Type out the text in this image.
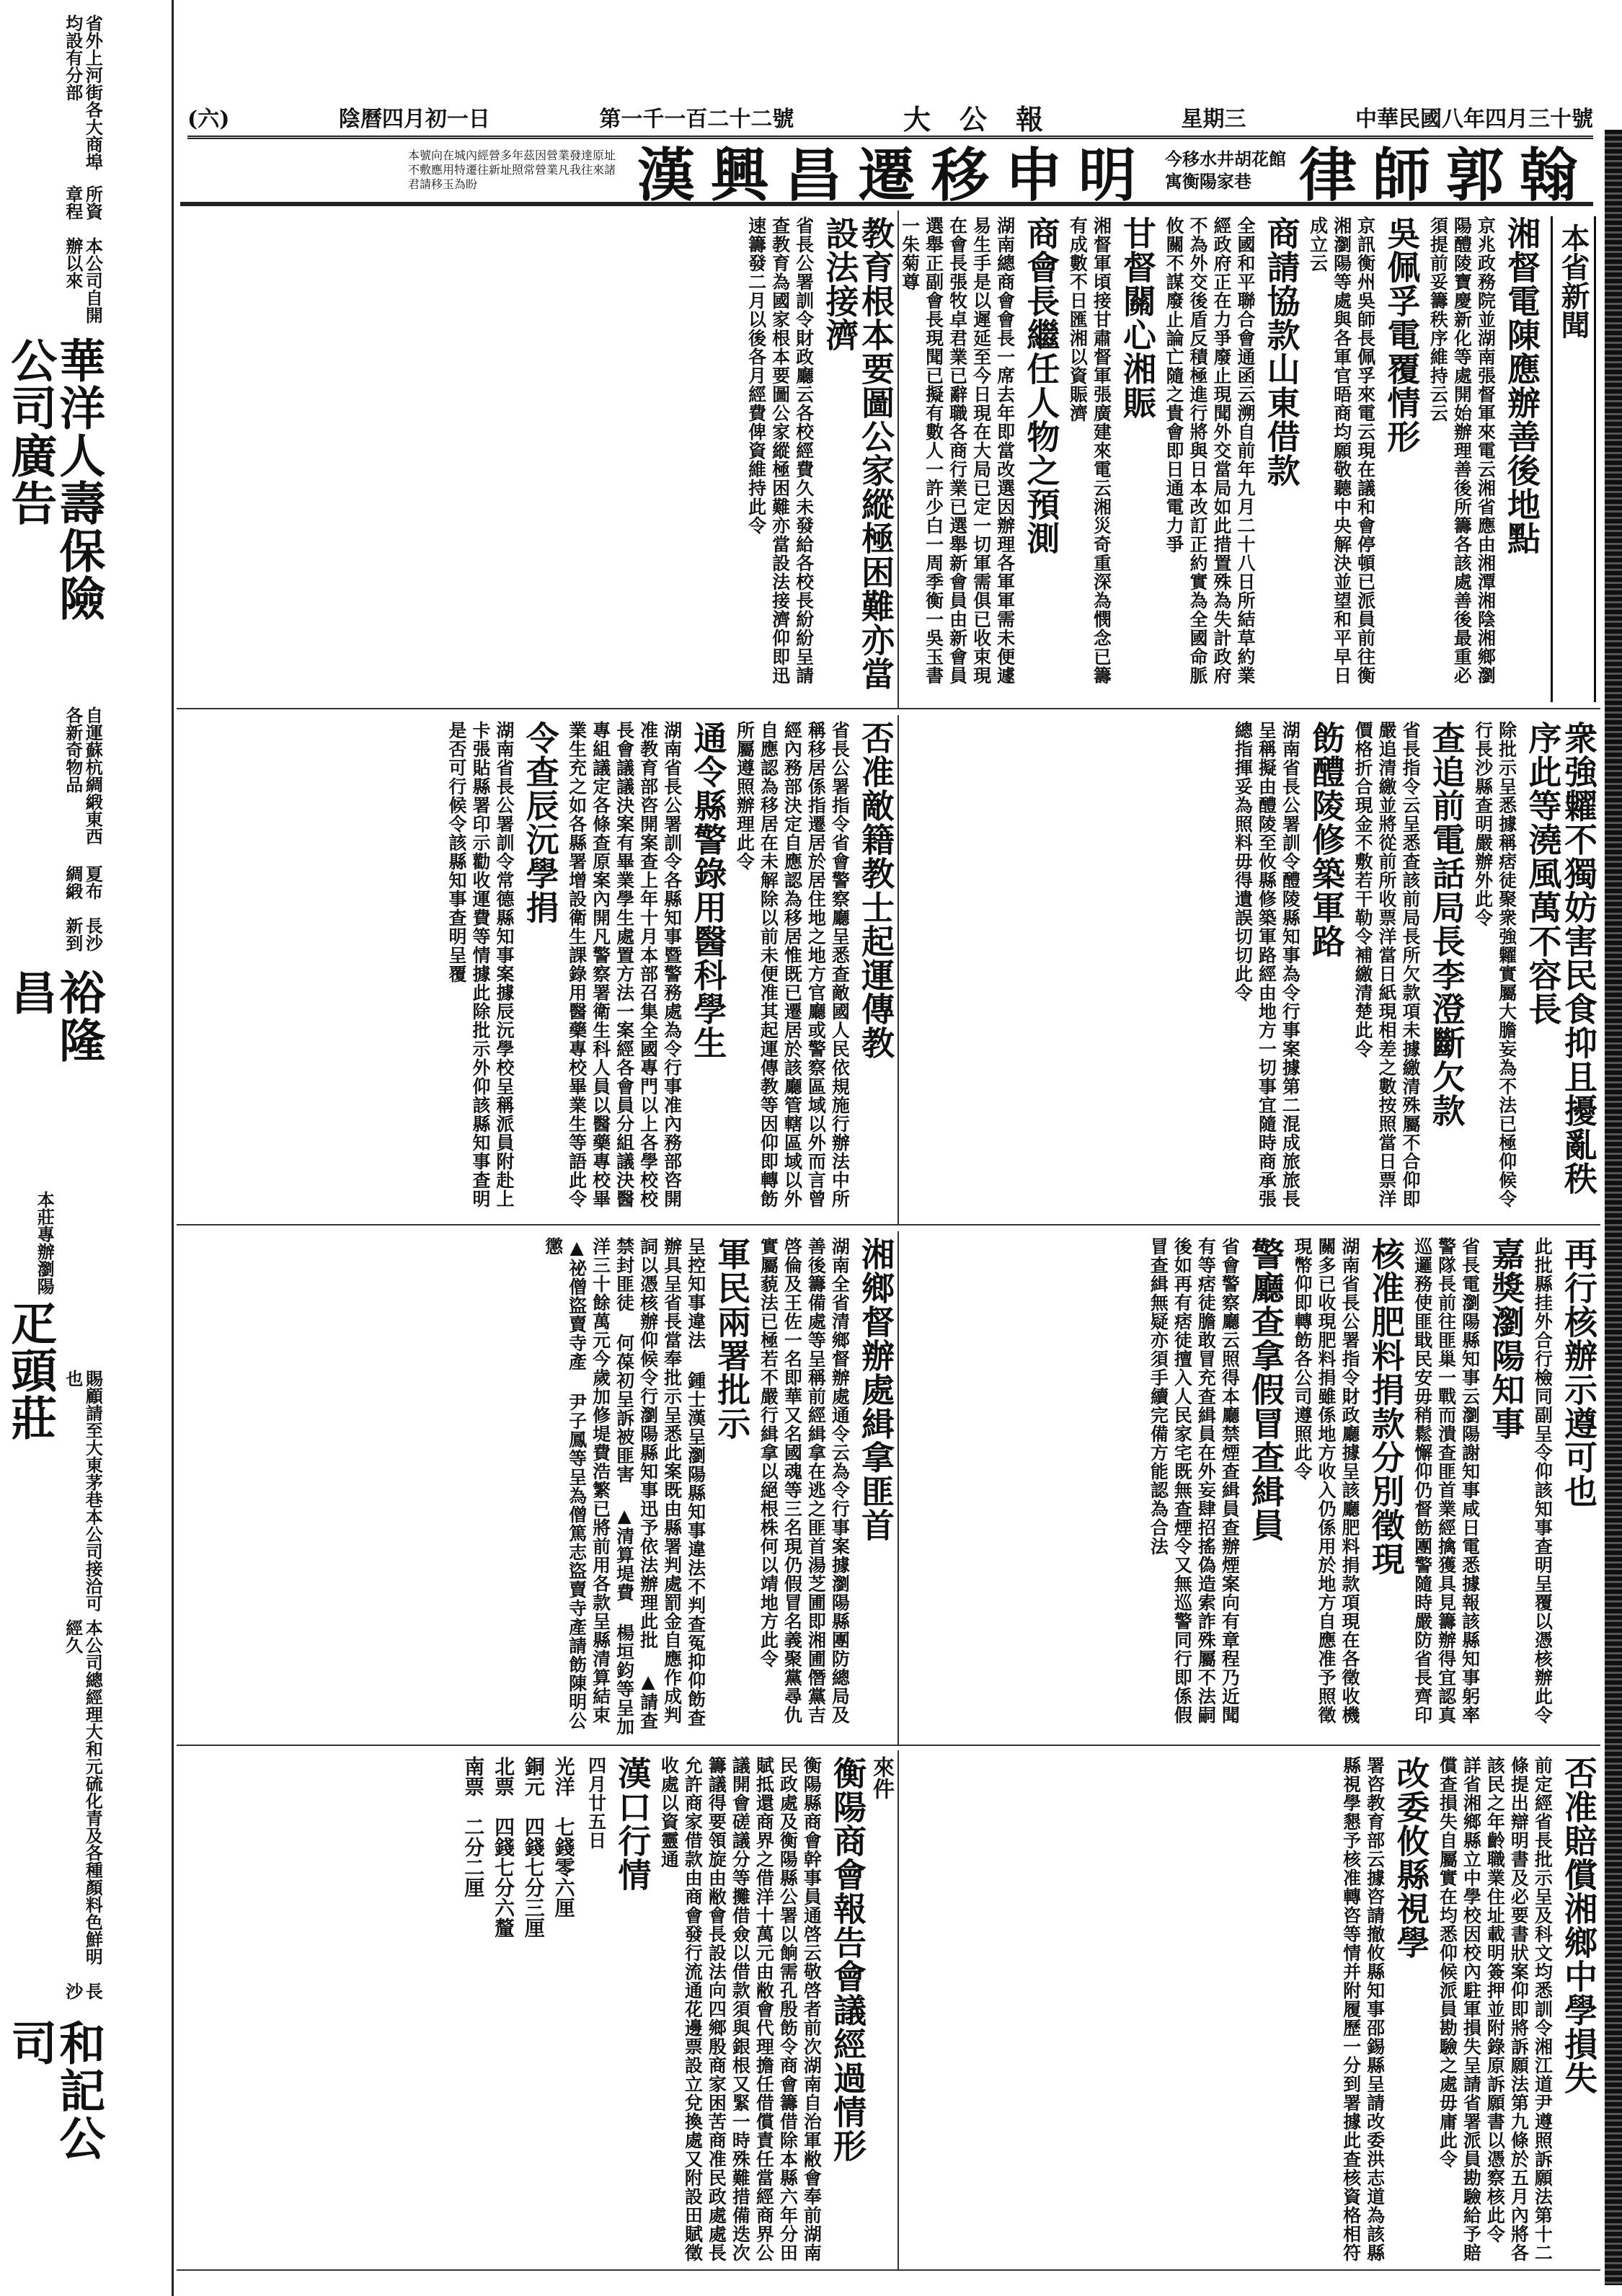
華洋人壽保險公司廣告
本公司自開辦以來
所資章程
省外上河街各大商埠均設有分部
裕隆昌
長沙新到
夏布綢緞
自運蘇杭綢緞東西各新奇物品
疋頭莊
本莊專辦瀏陽
和記公司
長沙
本公司總經理大和元硫化青及各種顏料色鮮明經久
賜顧請至大東茅巷本公司接洽可也
中華民國八年四月三十號
星期三
大公報
第一千一百二十二號
陰曆四月初一日
(六)
律師郭翰
今移水井胡花館
寓衡陽家巷
漢興昌遷移申明
本號向在城內經營多年茲因營業發達原址不敷應用特遷往新址照常營業凡我往來諸君請移玉為盼
本省新聞
湘督電陳應辦善後地點
京兆政務院並湖南張督軍來電云湘省應由湘潭湘陰湘鄉瀏陽醴陵寶慶新化等處開始辦理善後所籌各該處善後最重必須提前妥籌秩序維持云云
吳佩孚電覆情形
京訊衡州吳師長佩孚來電云現在議和會停頓已派員前往衡湘瀏陽等處與各軍官晤商均願敬聽中央解決並望和平早日成立云
商請協款山東借款
全國和平聯合會通函云溯自前年九月二十八日所結草約業經政府正在力爭廢止現聞外交當局如此措置殊為失計政府不為外交後盾反積極進行將與日本改訂正約實為全國命脈攸關不謀廢止論亡隨之貴會即日通電力爭
甘督關心湘賑
湘督軍頃接甘肅督軍張廣建來電云湘災奇重深為憫念已籌有成數不日匯湘以資賑濟
商會長繼任人物之預測
湖南總商會會長一席去年即當改選因辦理各軍軍需未便遽易生手是以遲延至今日現在大局已定一切軍需俱已收束現在會長張牧卓君業已辭職各商行業已選舉新會員由新會員選舉正副會長現聞已擬有數人一許少白一周季衡一吳玉書一朱菊尊
教育根本要圖公家縱極困難亦當設法接濟
省長公署訓令財政廳云各校經費久未發給各校長紛紛呈請查教育為國家根本要圖公家縱極困難亦當設法接濟仰即迅速籌發二月以後各月經費俾資維持此令
衆強糶不獨妨害民食抑且擾亂秩序此等澆風萬不容長
除批示呈悉據稱痞徒聚衆強糶實屬大膽妄為不法已極仰候令行長沙縣查明嚴辦外此令
查追前電話局長李澄斷欠款
省長指令云呈悉查該前局長所欠款項未據繳清殊屬不合仰即嚴追清繳並將從前所收票洋當日紙現相差之數按照當日票洋價格折合現金不敷若干勒令補繳清楚此令
飭醴陵修築軍路
湖南省長公署訓令醴陵縣知事為令行事案據第二混成旅旅長呈稱擬由醴陵至攸縣修築軍路經由地方一切事宜隨時商承張總指揮妥為照料毋得遺誤切切此令
否准敵籍教士起運傳教
省長公署指令省會警察廳呈悉查敵國人民依規施行辦法中所稱移居係指遷居於居住地之地方官廳或警察區域以外而言曾經內務部決定自應認為移居惟既已遷居於該廳管轄區域以外自應認為移居在未解除以前未便准其起運傳教等因仰即轉飭所屬遵照辦理此令
通令縣警錄用醫科學生
湖南省長公署訓令各縣知事暨警務處為令行事准內務部咨開准教育部咨開案查上年十月本部召集全國專門以上各學校校長會議議決案有畢業學生處置方法一案經各會員分組議決醫專組議定各條查原案內開凡警察署衛生科人員以醫藥專校畢業生充之如各縣署增設衛生課錄用醫藥專校畢業生等語此令
令查辰沅學捐
湖南省長公署訓令常德縣知事案據辰沅學校呈稱派員附赴上卡張貼縣署印示勸收運費等情據此除批示外仰該縣知事查明是否可行候令該縣知事查明呈覆
再行核辦示遵可也
此批縣挂外合行檢同副呈令仰該知事查明呈覆以憑核辦此令
嘉獎瀏陽知事
省長電瀏陽縣知事云瀏陽謝知事咸日電悉據報該縣知事躬率警隊長前往匪巢一戰而潰查匪首業經擒獲具見籌辦得宜認真巡邏務使匪戢民安毋稍鬆懈仰仍督飭團警隨時嚴防省長齊印
核准肥料捐款分別徵現
湖南省長公署指令財政廳據呈該廳肥料捐款項現在各徵收機關多已收現肥料捐雖係地方收入仍係用於地方自應准予照徵現幣仰即轉飭各公司遵照此令
警廳查拿假冒查緝員
省會警察廳云照得本廳禁煙查緝員查辦煙案向有章程乃近聞有等痞徒膽敢冒充查緝員在外妄肆招搖偽造索詐殊屬不法嗣後如再有痞徒擅入人民家宅既無查煙令又無巡警同行即係假冒查緝無疑亦須手續完備方能認為合法
湘鄉督辦處緝拿匪首
湖南全省清鄉督辦處通令云為令行事案據瀏陽縣團防總局及善後籌備處等呈稱前經緝拿在逃之匪首湯芝圃即湘圃僭黨吉啓倫及王佐一名即華又名國魂等三名現仍假冒名義聚黨尋仇實屬藐法已極若不嚴行緝拿以絕根株何以靖地方此令
軍民兩署批示
呈控知事違法 鍾士漢呈瀏陽縣知事違法不判查冤抑仰飭查辦具呈省長當奉批示呈悉此案既由縣署判處罰金自應作成判詞以憑核辦仰候令行瀏陽縣知事迅予依法辦理此批 ▲請查禁封匪徒 何葆初呈訴被匪害 ▲清算堤費 楊垣鈞等呈加洋三十餘萬元今歲加修堤費浩繁已將前用各款呈縣清算結束 ▲祕僧盜賣寺產 尹子鳳等呈為僧篤志盜賣寺產請飭陳明公懲
否准賠償湘鄉中學損失
前定經省長批示呈及科文均悉訓令湘江道尹遵照訴願法第十二條提出辯明書及必要書狀案仰即將訴願法第九條於五月內將各該民之年齡職業住址載明簽押並附錄原訴願書以憑察核此令 詳省湘鄉縣立中學校因校內駐軍損失呈請省署派員勘驗給予賠償查損失自屬實在均悉仰候派員勘驗之處毋庸此令
改委攸縣視學
署咨教育部云據咨請撤攸縣知事邵錫縣呈請改委洪志道為該縣縣視學懇予核准轉咨等情并附履歷一分到署據此查核資格相符
來件
衡陽商會報告會議經過情形
衡陽縣商會幹事員通啓云敬啓者前次湖南自治軍敝會奉前湖南民政處及衡陽縣公署以餉需孔殷飭令商會籌借除本縣六年分田賦抵還商界之借洋十萬元由敝會代理擔任借償責任當經商界公議開會磋議分等攤借僉以借款須與銀根又緊一時殊難措備迭次籌議得要領旋由敝會長設法向四鄉殷商家困苦商准民政處處長允許商家借款由商會發行流通花邊票設立兌換處又附設田賦徵收處以資靈通
漢口行情
四月廿五日
光洋　七錢零六厘
銅元　四錢七分三厘
北票　四錢七分六釐
南票　二分二厘
